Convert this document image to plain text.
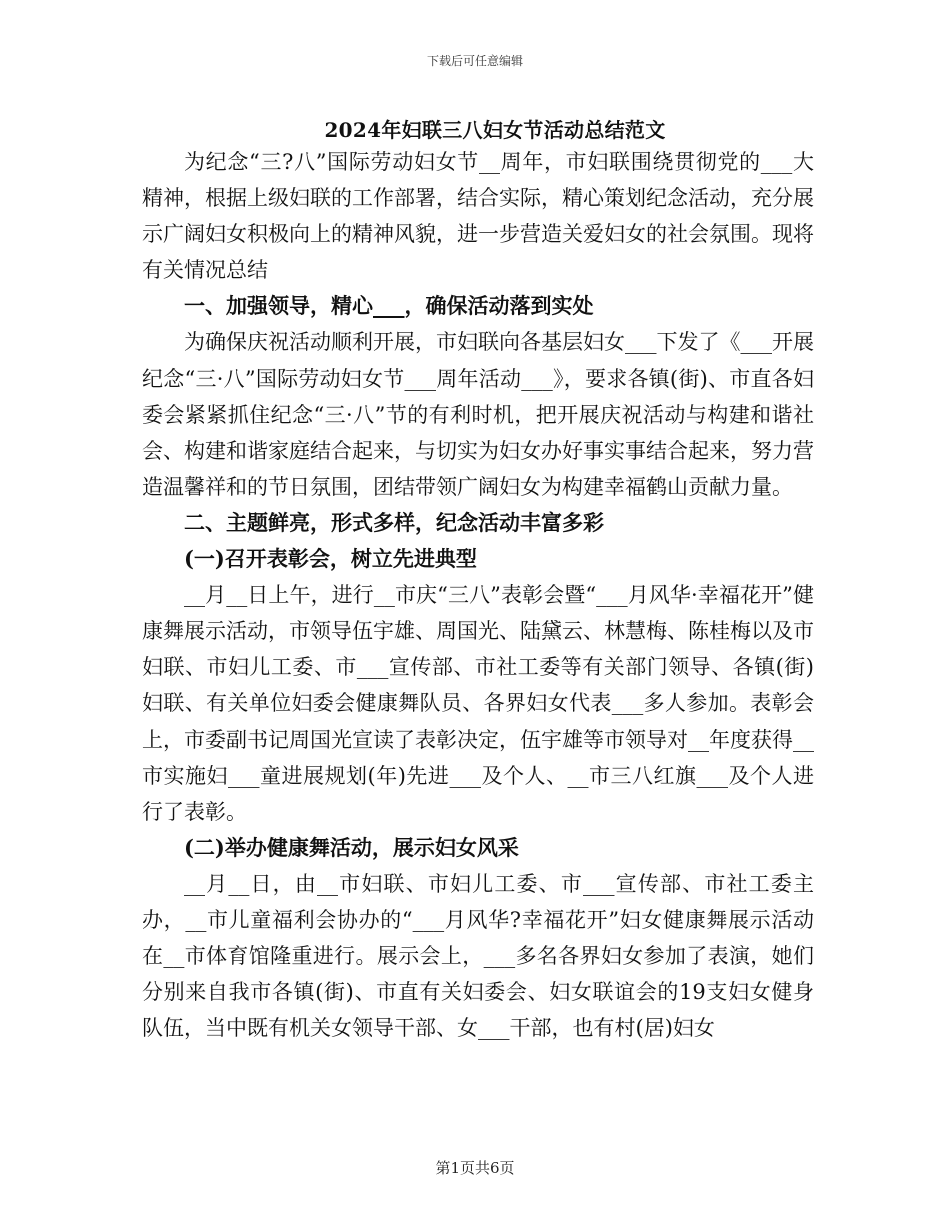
下载后可任意编辑
2024年妇联三八妇女节活动总结范文

为纪念“三?八”国际劳动妇女节__周年，市妇联围绕贯彻党的___大精神，根据上级妇联的工作部署，结合实际，精心策划纪念活动，充分展示广阔妇女积极向上的精神风貌，进一步营造关爱妇女的社会氛围。现将有关情况总结

一、加强领导，精心___，确保活动落到实处

为确保庆祝活动顺利开展，市妇联向各基层妇女___下发了《___开展纪念“三·八”国际劳动妇女节___周年活动___》，要求各镇(街)、市直各妇委会紧紧抓住纪念“三·八”节的有利时机，把开展庆祝活动与构建和谐社会、构建和谐家庭结合起来，与切实为妇女办好事实事结合起来，努力营造温馨祥和的节日氛围，团结带领广阔妇女为构建幸福鹤山贡献力量。

二、主题鲜亮，形式多样，纪念活动丰富多彩

(一)召开表彰会，树立先进典型

__月__日上午，进行__市庆“三八”表彰会暨“___月风华·幸福花开”健康舞展示活动，市领导伍宇雄、周国光、陆黛云、林慧梅、陈桂梅以及市妇联、市妇儿工委、市___宣传部、市社工委等有关部门领导、各镇(街)妇联、有关单位妇委会健康舞队员、各界妇女代表___多人参加。表彰会上，市委副书记周国光宣读了表彰决定，伍宇雄等市领导对__年度获得__市实施妇___童进展规划(年)先进___及个人、__市三八红旗___及个人进行了表彰。

(二)举办健康舞活动，展示妇女风采

__月__日，由__市妇联、市妇儿工委、市___宣传部、市社工委主办，__市儿童福利会协办的“___月风华?幸福花开”妇女健康舞展示活动在__市体育馆隆重进行。展示会上，___多名各界妇女参加了表演，她们分别来自我市各镇(街)、市直有关妇委会、妇女联谊会的19支妇女健身队伍，当中既有机关女领导干部、女___干部，也有村(居)妇女

第1页共6页
